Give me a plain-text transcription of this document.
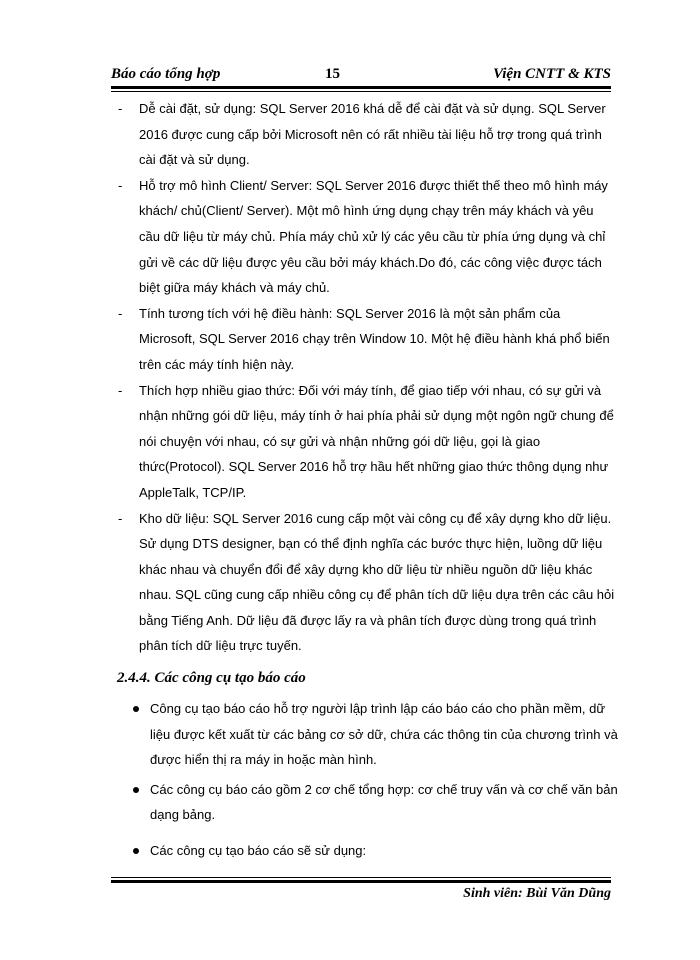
Báo cáo tổng hợp	15	Viện CNTT & KTS
- Dễ cài đặt, sử dụng: SQL Server 2016 khá dễ để cài đặt và sử dụng. SQL Server 2016 được cung cấp bởi Microsoft nên có rất nhiều tài liệu hỗ trợ trong quá trình cài đặt và sử dụng.

- Hỗ trợ mô hình Client/ Server: SQL Server 2016 được thiết thế theo mô hình máy khách/ chủ(Client/ Server). Một mô hình ứng dụng chạy trên máy khách và yêu cầu dữ liệu từ máy chủ. Phía máy chủ xử lý các yêu cầu từ phía ứng dụng và chỉ gửi về các dữ liệu được yêu cầu bởi máy khách.Do đó, các công việc được tách biệt giữa máy khách và máy chủ.

- Tính tương tích với hệ điều hành: SQL Server 2016 là một sản phẩm của Microsoft, SQL Server 2016 chạy trên Window 10. Một hệ điều hành khá phổ biến trên các máy tính hiện này.

- Thích hợp nhiều giao thức: Đối với máy tính, để giao tiếp với nhau, có sự gửi và nhận những gói dữ liệu, máy tính ở hai phía phải sử dụng một ngôn ngữ chung để nói chuyện với nhau, có sự gửi và nhận những gói dữ liệu, gọi là giao thức(Protocol). SQL Server 2016 hỗ trợ hầu hết những giao thức thông dụng như AppleTalk, TCP/IP.

- Kho dữ liệu: SQL Server 2016 cung cấp một vài công cụ để xây dựng kho dữ liệu. Sử dụng DTS designer, bạn có thể định nghĩa các bước thực hiện, luồng dữ liệu khác nhau và chuyển đổi để xây dựng kho dữ liệu từ nhiều nguồn dữ liệu khác nhau. SQL cũng cung cấp nhiều công cụ để phân tích dữ liệu dựa trên các câu hỏi bằng Tiếng Anh. Dữ liệu đã được lấy ra và phân tích được dùng trong quá trình phân tích dữ liệu trực tuyến.

2.4.4. Các công cụ tạo báo cáo
Công cụ tạo báo cáo hỗ trợ người lập trình lập cáo báo cáo cho phần mềm, dữ liệu được kết xuất từ các bảng cơ sở dữ, chứa các thông tin của chương trình và được hiển thị ra máy in hoặc màn hình.
Các công cụ báo cáo gồm 2 cơ chế tổng hợp: cơ chế truy vấn và cơ chế văn bản dạng bảng.
Các công cụ tạo báo cáo sẽ sử dụng:
Sinh viên: Bùi Văn Dũng
